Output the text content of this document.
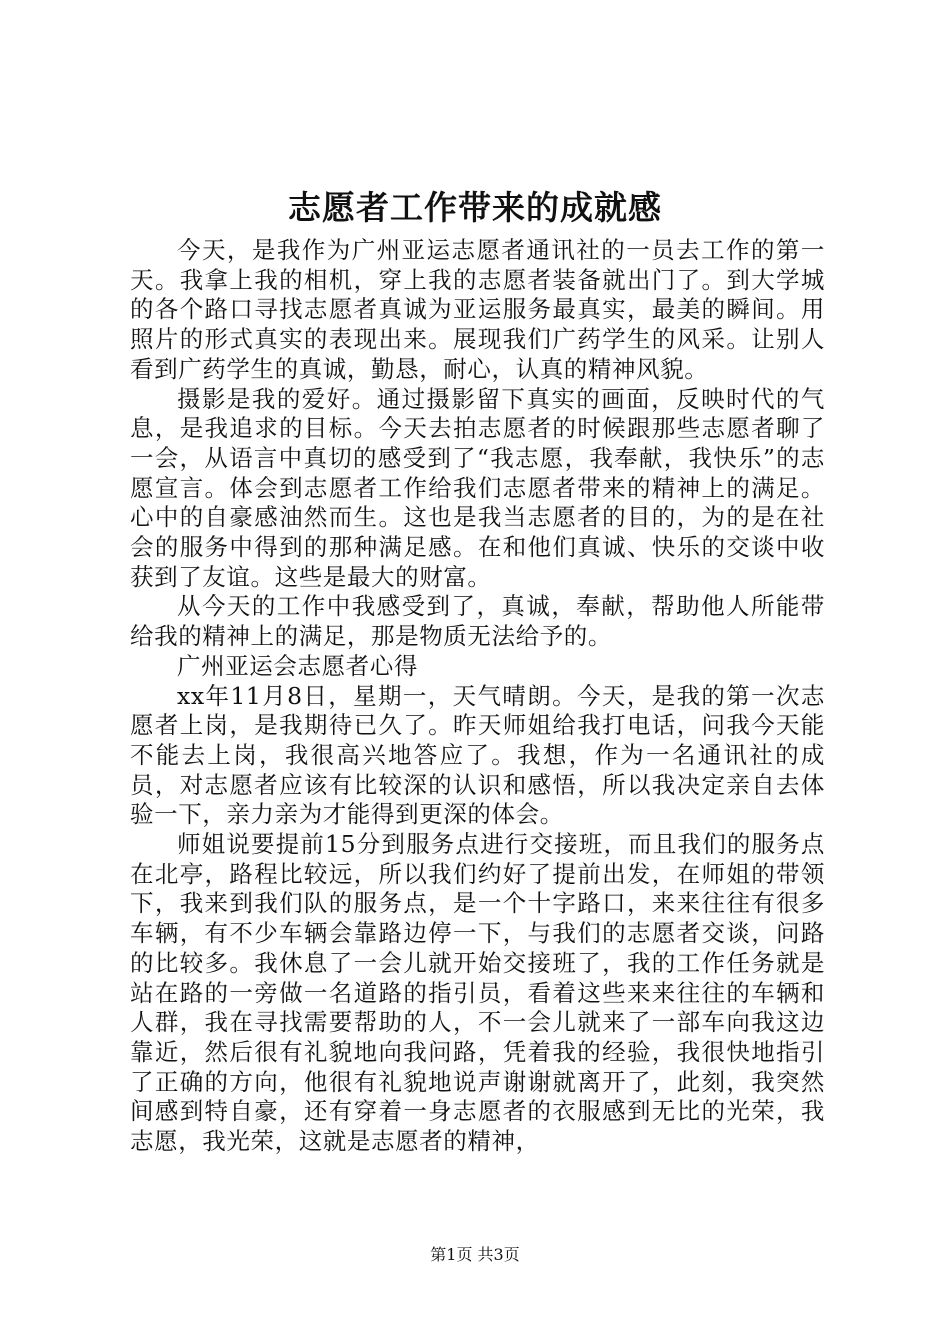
志愿者工作带来的成就感

今天，是我作为广州亚运志愿者通讯社的一员去工作的第一天。我拿上我的相机，穿上我的志愿者装备就出门了。到大学城的各个路口寻找志愿者真诚为亚运服务最真实，最美的瞬间。用照片的形式真实的表现出来。展现我们广药学生的风采。让别人看到广药学生的真诚，勤恳，耐心，认真的精神风貌。

摄影是我的爱好。通过摄影留下真实的画面，反映时代的气息，是我追求的目标。今天去拍志愿者的时候跟那些志愿者聊了一会，从语言中真切的感受到了“我志愿，我奉献，我快乐”的志愿宣言。体会到志愿者工作给我们志愿者带来的精神上的满足。心中的自豪感油然而生。这也是我当志愿者的目的，为的是在社会的服务中得到的那种满足感。在和他们真诚、快乐的交谈中收获到了友谊。这些是最大的财富。

从今天的工作中我感受到了，真诚，奉献，帮助他人所能带给我的精神上的满足，那是物质无法给予的。

广州亚运会志愿者心得

xx年11月8日，星期一，天气晴朗。今天，是我的第一次志愿者上岗，是我期待已久了。昨天师姐给我打电话，问我今天能不能去上岗，我很高兴地答应了。我想，作为一名通讯社的成员，对志愿者应该有比较深的认识和感悟，所以我决定亲自去体验一下，亲力亲为才能得到更深的体会。

师姐说要提前15分到服务点进行交接班，而且我们的服务点在北亭，路程比较远，所以我们约好了提前出发，在师姐的带领下，我来到我们队的服务点，是一个十字路口，来来往往有很多车辆，有不少车辆会靠路边停一下，与我们的志愿者交谈，问路的比较多。我休息了一会儿就开始交接班了，我的工作任务就是站在路的一旁做一名道路的指引员，看着这些来来往往的车辆和人群，我在寻找需要帮助的人，不一会儿就来了一部车向我这边靠近，然后很有礼貌地向我问路，凭着我的经验，我很快地指引了正确的方向，他很有礼貌地说声谢谢就离开了，此刻，我突然间感到特自豪，还有穿着一身志愿者的衣服感到无比的光荣，我志愿，我光荣，这就是志愿者的精神，

第1页 共3页
